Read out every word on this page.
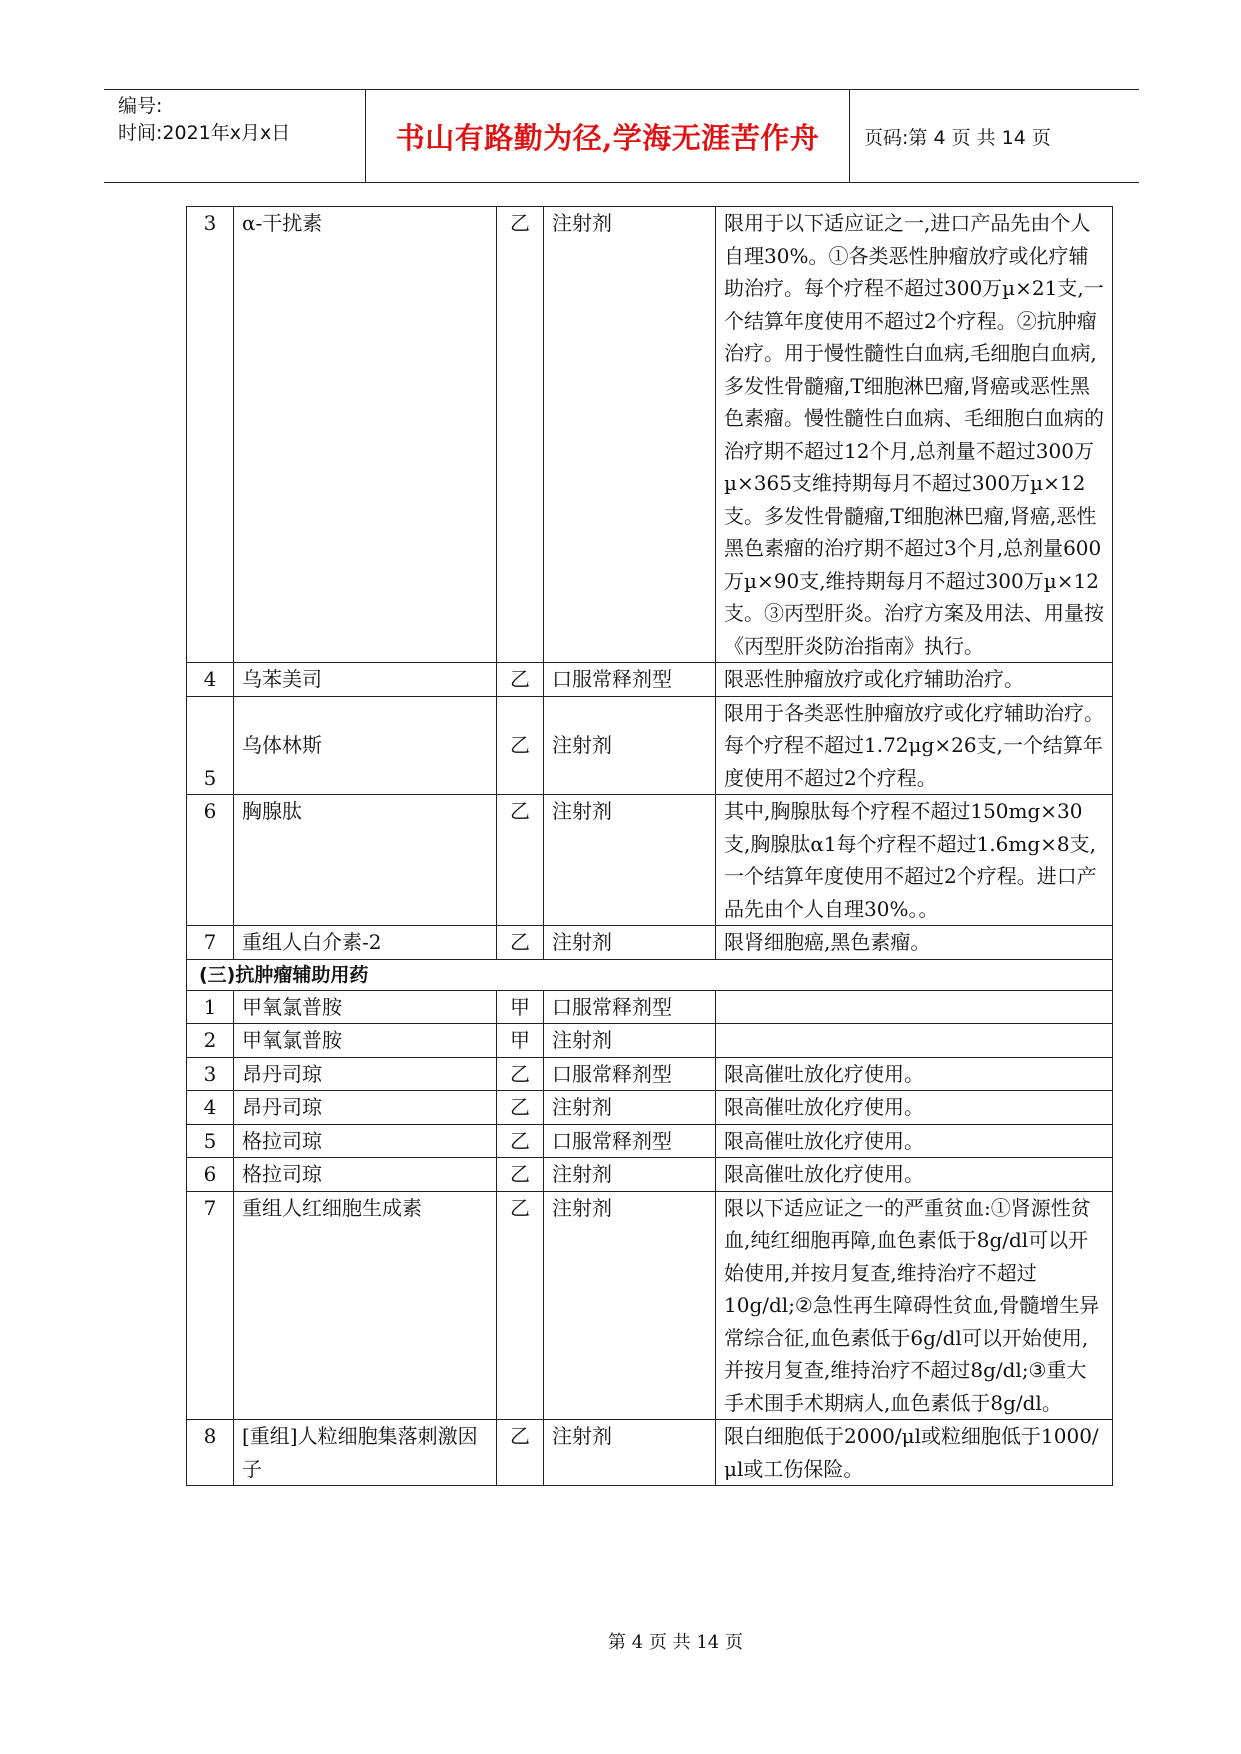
编号:
时间:2021年x月x日	书山有路勤为径,学海无涯苦作舟	页码:第 4 页 共 14 页
3	α-干扰素	乙	注射剂	限用于以下适应证之一,进口产品先由个人自理30%。①各类恶性肿瘤放疗或化疗辅助治疗。每个疗程不超过300万µ×21支,一个结算年度使用不超过2个疗程。②抗肿瘤治疗。用于慢性髓性白血病,毛细胞白血病,多发性骨髓瘤,T细胞淋巴瘤,肾癌或恶性黑色素瘤。慢性髓性白血病、毛细胞白血病的治疗期不超过12个月,总剂量不超过300万µ×365支维持期每月不超过300万µ×12支。多发性骨髓瘤,T细胞淋巴瘤,肾癌,恶性黑色素瘤的治疗期不超过3个月,总剂量600万µ×90支,维持期每月不超过300万µ×12支。③丙型肝炎。治疗方案及用法、用量按《丙型肝炎防治指南》执行。
4	乌苯美司	乙	口服常释剂型	限恶性肿瘤放疗或化疗辅助治疗。
5	乌体林斯	乙	注射剂	限用于各类恶性肿瘤放疗或化疗辅助治疗。每个疗程不超过1.72μg×26支,一个结算年度使用不超过2个疗程。
6	胸腺肽	乙	注射剂	其中,胸腺肽每个疗程不超过150mg×30支,胸腺肽α1每个疗程不超过1.6mg×8支,一个结算年度使用不超过2个疗程。进口产品先由个人自理30%。。
7	重组人白介素-2	乙	注射剂	限肾细胞癌,黑色素瘤。
(三)抗肿瘤辅助用药				
1	甲氧氯普胺	甲	口服常释剂型	
2	甲氧氯普胺	甲	注射剂	
3	昂丹司琼	乙	口服常释剂型	限高催吐放化疗使用。
4	昂丹司琼	乙	注射剂	限高催吐放化疗使用。
5	格拉司琼	乙	口服常释剂型	限高催吐放化疗使用。
6	格拉司琼	乙	注射剂	限高催吐放化疗使用。
7	重组人红细胞生成素	乙	注射剂	限以下适应证之一的严重贫血:①肾源性贫血,纯红细胞再障,血色素低于8g/dl可以开始使用,并按月复查,维持治疗不超过10g/dl;②急性再生障碍性贫血,骨髓增生异常综合征,血色素低于6g/dl可以开始使用,并按月复查,维持治疗不超过8g/dl;③重大手术围手术期病人,血色素低于8g/dl。
8	[重组]人粒细胞集落刺激因子	乙	注射剂	限白细胞低于2000/μl或粒细胞低于1000/μl或工伤保险。
第 4 页 共 14 页
